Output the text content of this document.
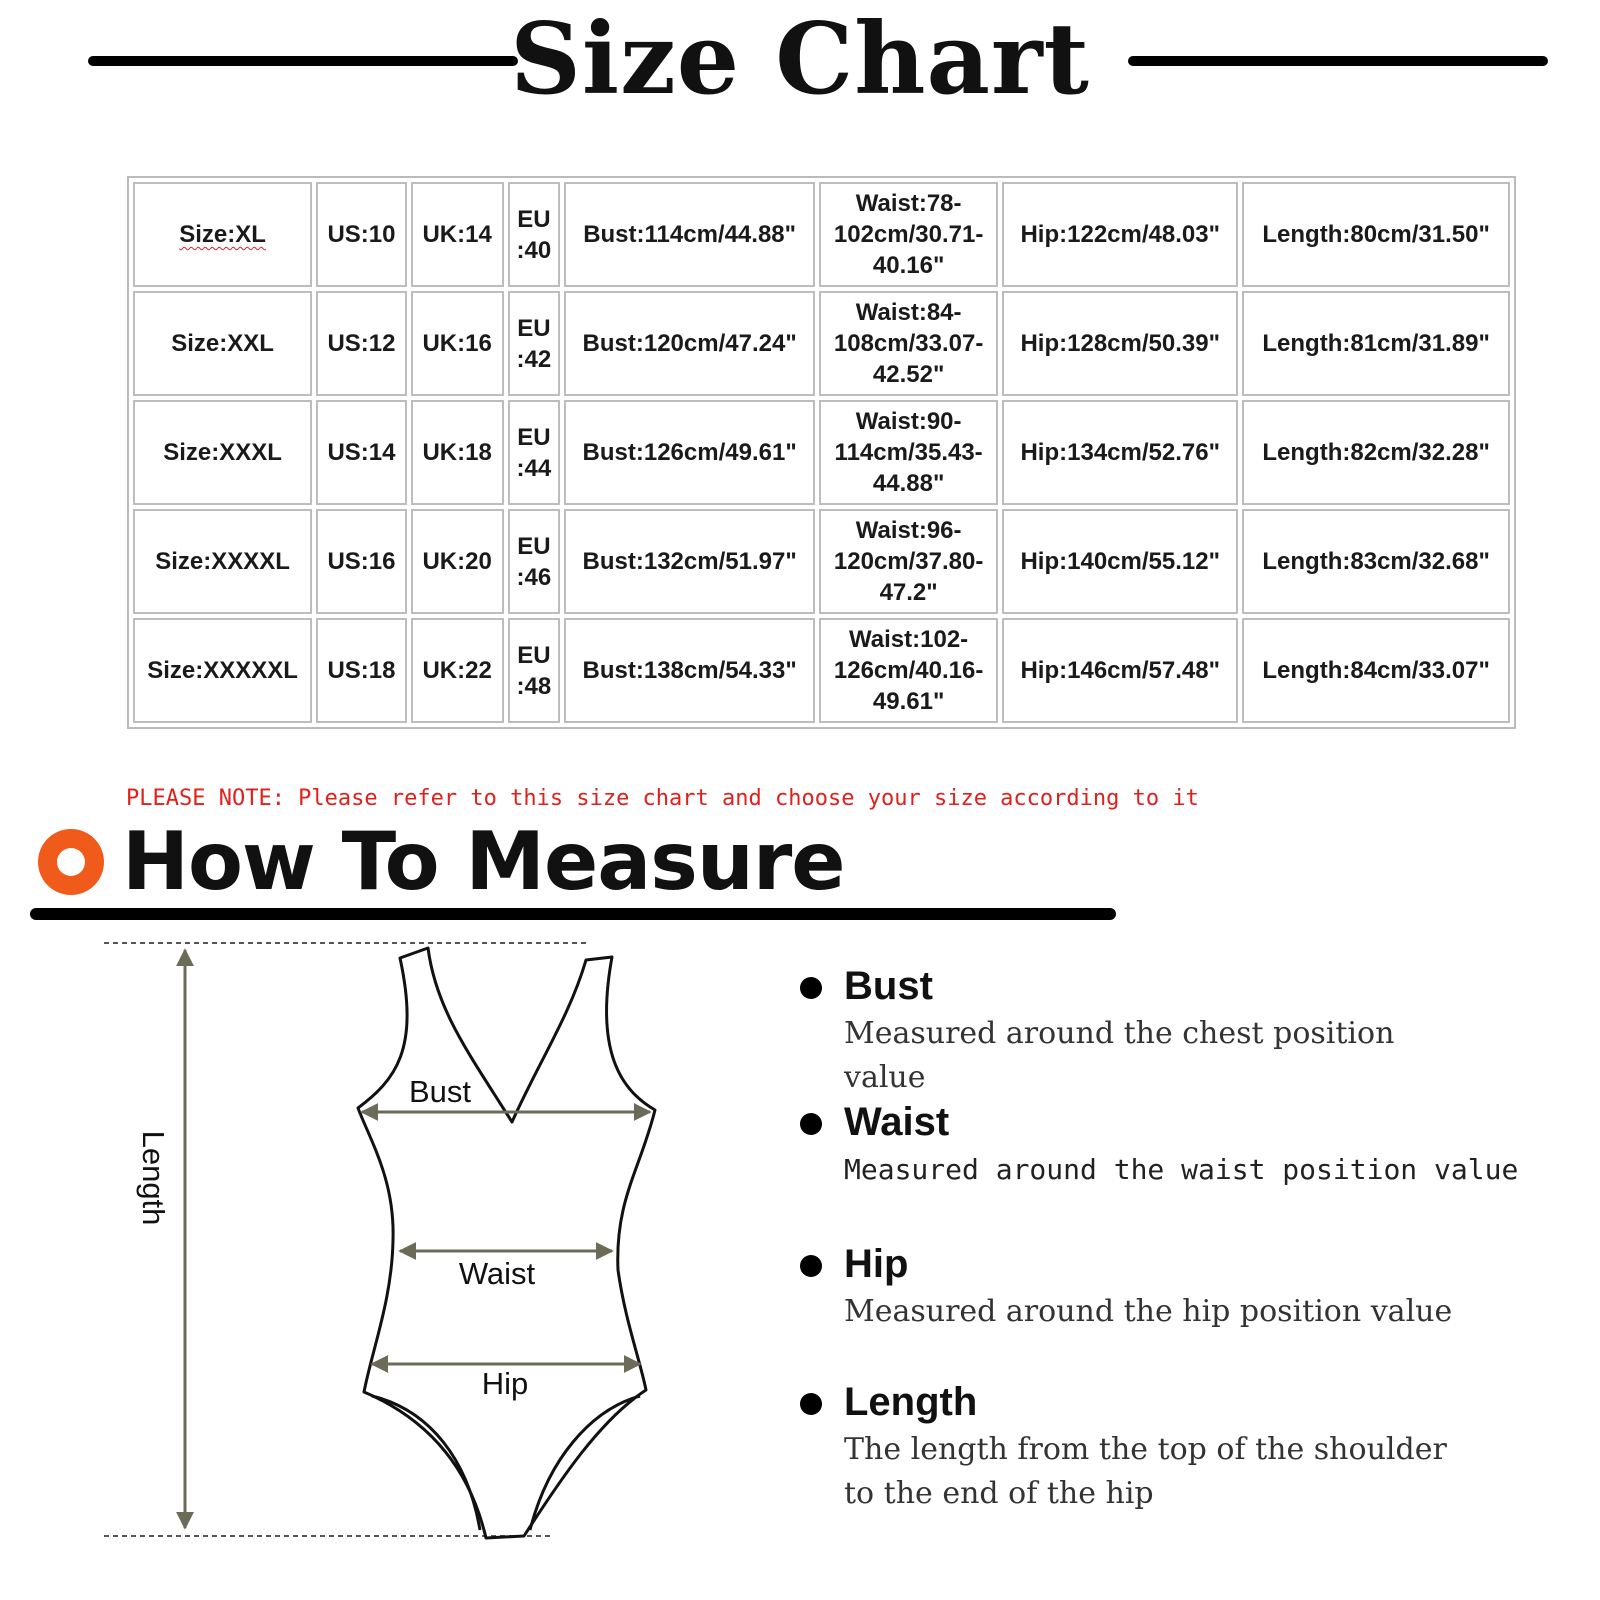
Size Chart
Size:XL	US:10	UK:14	EU :40	Bust:114cm/44.88"	Waist:78-102cm/30.71-40.16"	Hip:122cm/48.03"	Length:80cm/31.50"
Size:XXL	US:12	UK:16	EU :42	Bust:120cm/47.24"	Waist:84-108cm/33.07-42.52"	Hip:128cm/50.39"	Length:81cm/31.89"
Size:XXXL	US:14	UK:18	EU :44	Bust:126cm/49.61"	Waist:90-114cm/35.43-44.88"	Hip:134cm/52.76"	Length:82cm/32.28"
Size:XXXXL	US:16	UK:20	EU :46	Bust:132cm/51.97"	Waist:96-120cm/37.80-47.2"	Hip:140cm/55.12"	Length:83cm/32.68"
Size:XXXXXL	US:18	UK:22	EU :48	Bust:138cm/54.33"	Waist:102-126cm/40.16-49.61"	Hip:146cm/57.48"	Length:84cm/33.07"
PLEASE NOTE: Please refer to this size chart and choose your size according to it
How To Measure
Length
Bust
Waist
Hip
Bust
Measured around the chest position value
Waist
Measured around the waist position value
Hip
Measured around the hip position value
Length
The length from the top of the shoulder to the end of the hip
